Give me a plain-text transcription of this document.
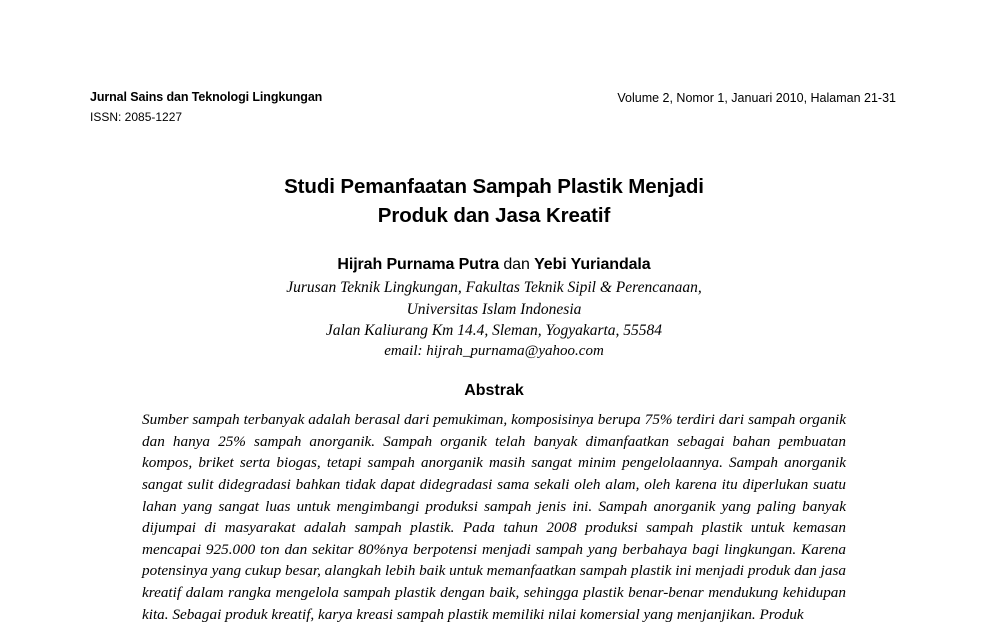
Jurnal Sains dan Teknologi Lingkungan
ISSN: 2085-1227
Volume 2, Nomor 1, Januari 2010, Halaman 21-31
Studi Pemanfaatan Sampah Plastik Menjadi
Produk dan Jasa Kreatif
Hijrah Purnama Putra dan Yebi Yuriandala
Jurusan Teknik Lingkungan, Fakultas Teknik Sipil & Perencanaan,
Universitas Islam Indonesia
Jalan Kaliurang Km 14.4, Sleman, Yogyakarta, 55584
email: hijrah_purnama@yahoo.com
Abstrak
Sumber sampah terbanyak adalah berasal dari pemukiman, komposisinya berupa 75% terdiri dari sampah organik dan hanya 25% sampah anorganik. Sampah organik telah banyak dimanfaatkan sebagai bahan pembuatan kompos, briket serta biogas, tetapi sampah anorganik masih sangat minim pengelolaannya. Sampah anorganik sangat sulit didegradasi bahkan tidak dapat didegradasi sama sekali oleh alam, oleh karena itu diperlukan suatu lahan yang sangat luas untuk mengimbangi produksi sampah jenis ini. Sampah anorganik yang paling banyak dijumpai di masyarakat adalah sampah plastik. Pada tahun 2008 produksi sampah plastik untuk kemasan mencapai 925.000 ton dan sekitar 80%nya berpotensi menjadi sampah yang berbahaya bagi lingkungan. Karena potensinya yang cukup besar, alangkah lebih baik untuk memanfaatkan sampah plastik ini menjadi produk dan jasa kreatif dalam rangka mengelola sampah plastik dengan baik, sehingga plastik benar-benar mendukung kehidupan kita. Sebagai produk kreatif, karya kreasi sampah plastik memiliki nilai komersial yang menjanjikan. Produk
